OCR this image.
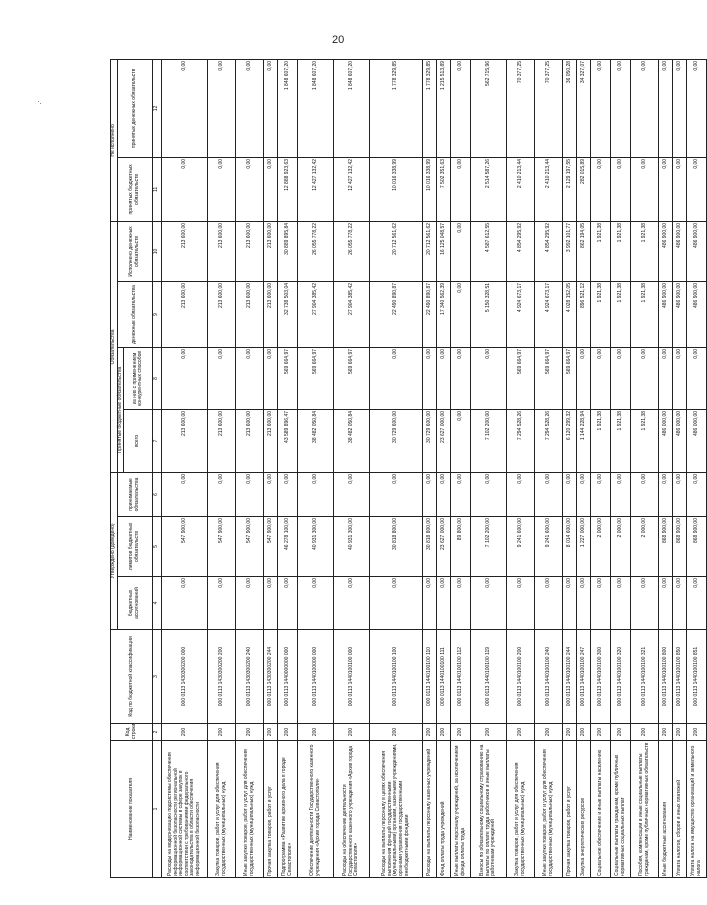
20
Наименование показателя	Код строки	Код по бюджетной классификации	Утверждено (доведено)			Обязательства				Не исполнено	
			бюджетных ассигнований	лимитов бюджетных обязательств	принимаемые обязательства	Принятые бюджетные обязательства		денежные обязательства	Исполнено денежных обязательств	принятых бюджетных обязательств	принятых денежных обязательств
						всего	из них с применением конкурентных способов				
1	2	3	4	5	6	7	8	9	10	11	12
Расходы на модернизацию подсистемы обеспечения информационной безопасности региональной информационной системы в сфере закупок в соответствии с требованиями федерального законодательства в области обеспечения информационной безопасности	200	000 0113 1430300200 000	0,00	547 900,00	0,00	213 600,00	0,00	213 600,00	213 600,00	0,00	0,00
Закупка товаров, работ и услуг для обеспечения государственных (муниципальных) нужд	200	000 0113 1430300200 200	0,00	547 900,00	0,00	213 600,00	0,00	213 600,00	213 600,00	0,00	0,00
Иные закупки товаров, работ и услуг для обеспечения государственных (муниципальных) нужд	200	000 0113 1430300200 240	0,00	547 900,00	0,00	213 600,00	0,00	213 600,00	213 600,00	0,00	0,00
Прочая закупка товаров, работ и услуг	200	000 0113 1430300200 244	0,00	547 900,00	0,00	213 600,00	0,00	213 600,00	213 600,00	0,00	0,00
Подпрограмма «Развитие архивного дела в городе Севастополе»	200	000 0113 1440000000 000	0,00	46 278 100,00	0,00	43 589 896,47	569 664,97	32 738 503,04	30 889 895,84	12 888 923,63	1 848 607,20
Обеспечение деятельности Государственного казенного учреждения «Архив города Севастополя»	200	000 0113 1440100000 000	0,00	40 931 300,00	0,00	38 482 050,84	569 664,97	27 904 385,42	26 055 778,22	12 427 132,42	1 848 607,20
Расходы на обеспечение деятельности Государственного казенного учреждения «Архив города Севастополя»	200	000 0113 1440100100 000	0,00	40 931 300,00	0,00	38 482 050,84	569 664,97	27 904 385,42	26 055 778,22	12 427 132,42	1 848 607,20
Расходы на выплаты персоналу в целях обеспечения выполнения функций государственными (муниципальными) органами, казенными учреждениями, органами управления государственными внебюджетными фондами	200	000 0113 1440100100 100	0,00	30 818 800,00	0,00	30 729 600,00	0,00	22 490 890,87	20 712 561,62	10 016 338,99	1 778 329,85
Расходы на выплаты персоналу казенных учреждений	200	000 0113 1440100100 110	0,00	30 818 800,00	0,00	30 729 600,00	0,00	22 490 890,87	20 712 561,62	10 016 338,99	1 778 329,85
Фонд оплаты труда учреждений	200	000 0113 1440100100 111	0,00	23 627 000,00	0,00	23 627 000,00	0,00	17 340 562,39	16 125 048,57	7 502 351,63	1 215 513,89
Иные выплаты персоналу учреждений, за исключением фонда оплаты труда	200	000 0113 1440100100 112	0,00	89 800,00	0,00	0,00	0,00	0,00	0,00	0,00	0,00
Взносы по обязательному социальному страхованию на выплаты по оплате труда работников и иные выплаты работникам учреждений	200	000 0113 1440100100 119	0,00	7 102 200,00	0,00	7 102 200,00	0,00	5 150 328,51	4 587 612,55	2 514 587,26	562 715,96
Закупка товаров, работ и услуг для обеспечения государственных (муниципальных) нужд	200	000 0113 1440100100 200	0,00	9 241 600,00	0,00	7 294 528,26	569 664,97	4 924 673,17	4 854 295,92	2 410 213,44	70 377,25
Иные закупки товаров, работ и услуг для обеспечения государственных (муниципальных) нужд	200	000 0113 1440100100 240	0,00	9 241 600,00	0,00	7 294 528,26	569 664,97	4 924 673,17	4 854 295,92	2 410 213,44	70 377,25
Прочая закупка товаров, работ и услуг	200	000 0113 1440100100 244	0,00	8 014 600,00	0,00	6 120 299,32	569 664,97	4 028 152,05	3 992 101,77	2 129 197,55	36 050,28
Закупка энергетических ресурсов	200	000 0113 1440100100 247	0,00	1 227 000,00	0,00	1 144 228,94	0,00	896 521,12	862 194,05	282 015,89	34 327,07
Социальное обеспечение и иные выплаты населению	200	000 0113 1440100100 300	0,00	2 000,00	0,00	1 921,38	0,00	1 921,38	1 921,38	0,00	0,00
Социальные выплаты гражданам, кроме публичных нормативных социальных выплат	200	000 0113 1440100100 320	0,00	2 000,00	0,00	1 921,38	0,00	1 921,38	1 921,38	0,00	0,00
Пособия, компенсации и иные социальные выплаты гражданам, кроме публичных нормативных обязательств	200	000 0113 1440100100 321	0,00	2 000,00	0,00	1 921,38	0,00	1 921,38	1 921,38	0,00	0,00
Иные бюджетные ассигнования	200	000 0113 1440100100 800	0,00	868 900,00	0,00	486 000,00	0,00	486 900,00	486 900,00	0,00	0,00
Уплата налогов, сборов и иных платежей	200	000 0113 1440100100 850	0,00	868 900,00	0,00	486 000,00	0,00	486 900,00	486 900,00	0,00	0,00
Уплата налога на имущество организаций и земельного налога	200	000 0113 1440100100 851	0,00	868 900,00	0,00	486 000,00	0,00	486 900,00	486 900,00	0,00	0,00
